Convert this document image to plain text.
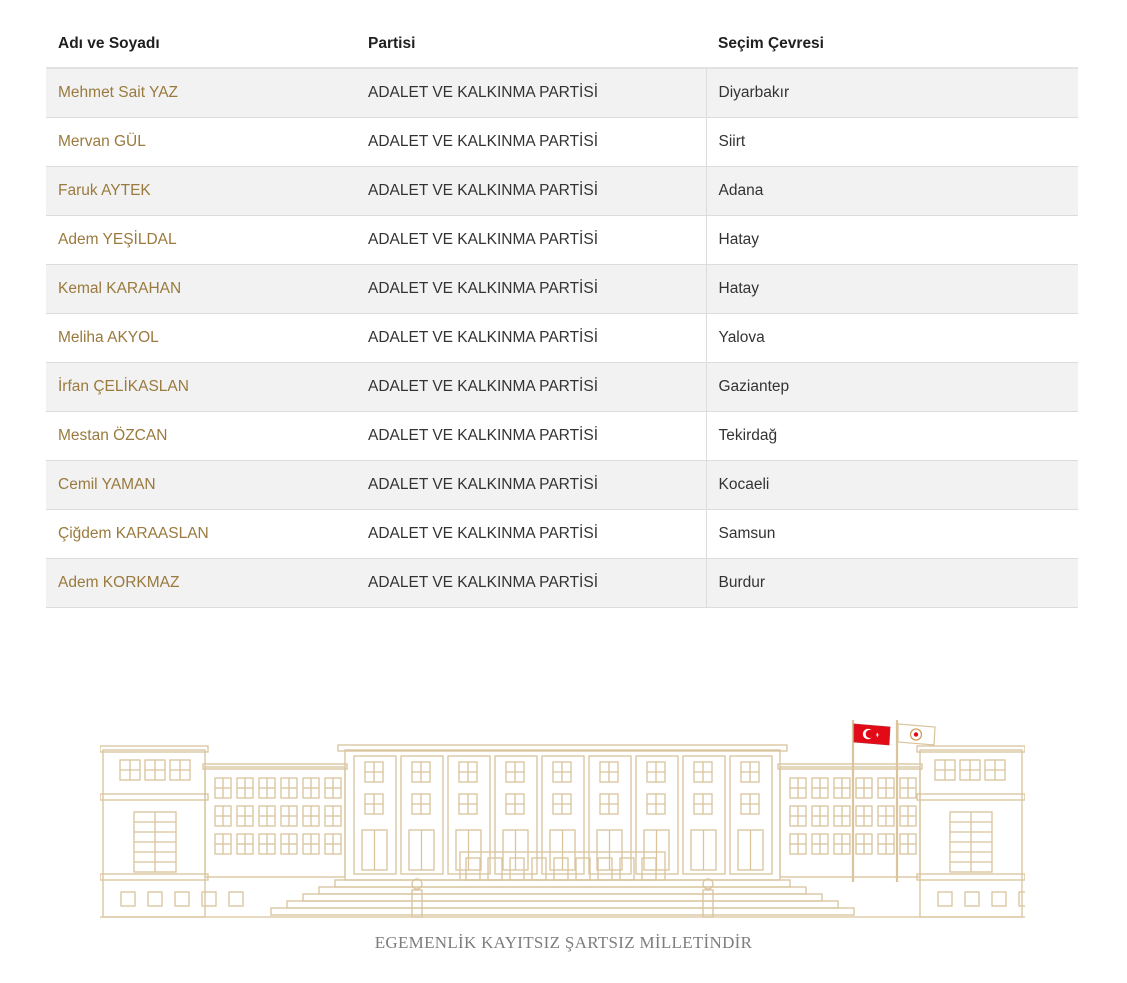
Adı ve Soyadı	Partisi	Seçim Çevresi
Mehmet Sait YAZ	ADALET VE KALKINMA PARTİSİ	Diyarbakır
Mervan GÜL	ADALET VE KALKINMA PARTİSİ	Siirt
Faruk AYTEK	ADALET VE KALKINMA PARTİSİ	Adana
Adem YEŞİLDAL	ADALET VE KALKINMA PARTİSİ	Hatay
Kemal KARAHAN	ADALET VE KALKINMA PARTİSİ	Hatay
Meliha AKYOL	ADALET VE KALKINMA PARTİSİ	Yalova
İrfan ÇELİKASLAN	ADALET VE KALKINMA PARTİSİ	Gaziantep
Mestan ÖZCAN	ADALET VE KALKINMA PARTİSİ	Tekirdağ
Cemil YAMAN	ADALET VE KALKINMA PARTİSİ	Kocaeli
Çiğdem KARAASLAN	ADALET VE KALKINMA PARTİSİ	Samsun
Adem KORKMAZ	ADALET VE KALKINMA PARTİSİ	Burdur
EGEMENLİK KAYITSIZ ŞARTSIZ MİLLETİNDİR
